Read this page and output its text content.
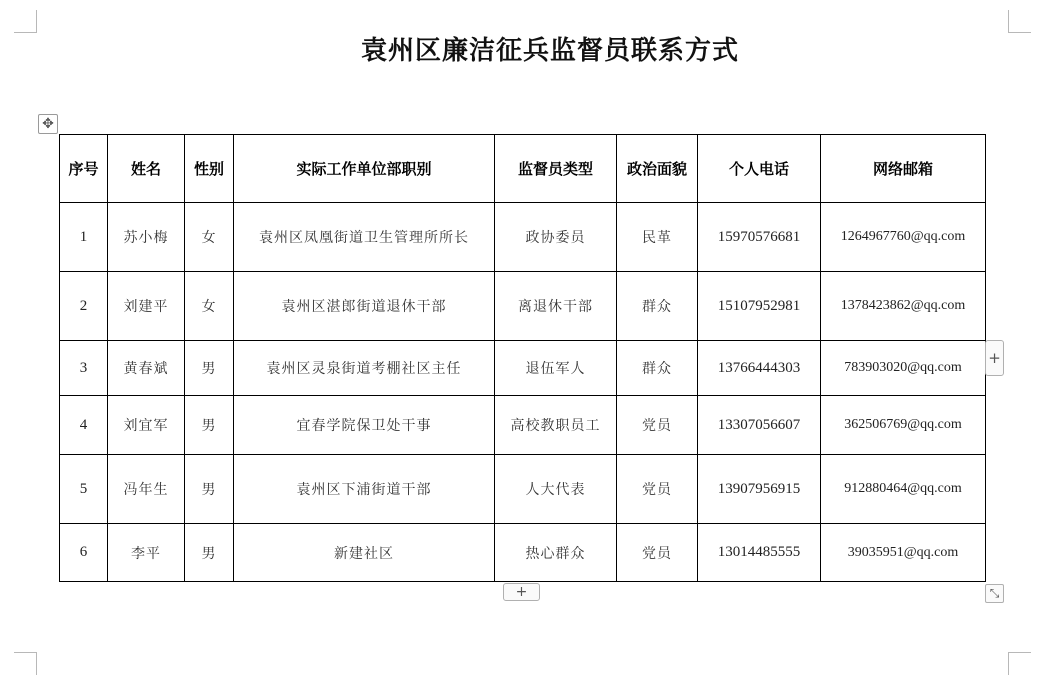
袁州区廉洁征兵监督员联系方式
✥
序号	姓名	性别	实际工作单位部职别	监督员类型	政治面貌	个人电话	网络邮箱
1	苏小梅	女	袁州区凤凰街道卫生管理所所长	政协委员	民革	15970576681	1264967760@qq.com
2	刘建平	女	袁州区湛郎街道退休干部	离退休干部	群众	15107952981	1378423862@qq.com
3	黄春斌	男	袁州区灵泉街道考棚社区主任	退伍军人	群众	13766444303	783903020@qq.com
4	刘宜军	男	宜春学院保卫处干事	高校教职员工	党员	13307056607	362506769@qq.com
5	冯年生	男	袁州区下浦街道干部	人大代表	党员	13907956915	912880464@qq.com
6	李平	男	新建社区	热心群众	党员	13014485555	39035951@qq.com
+
+	⤡
